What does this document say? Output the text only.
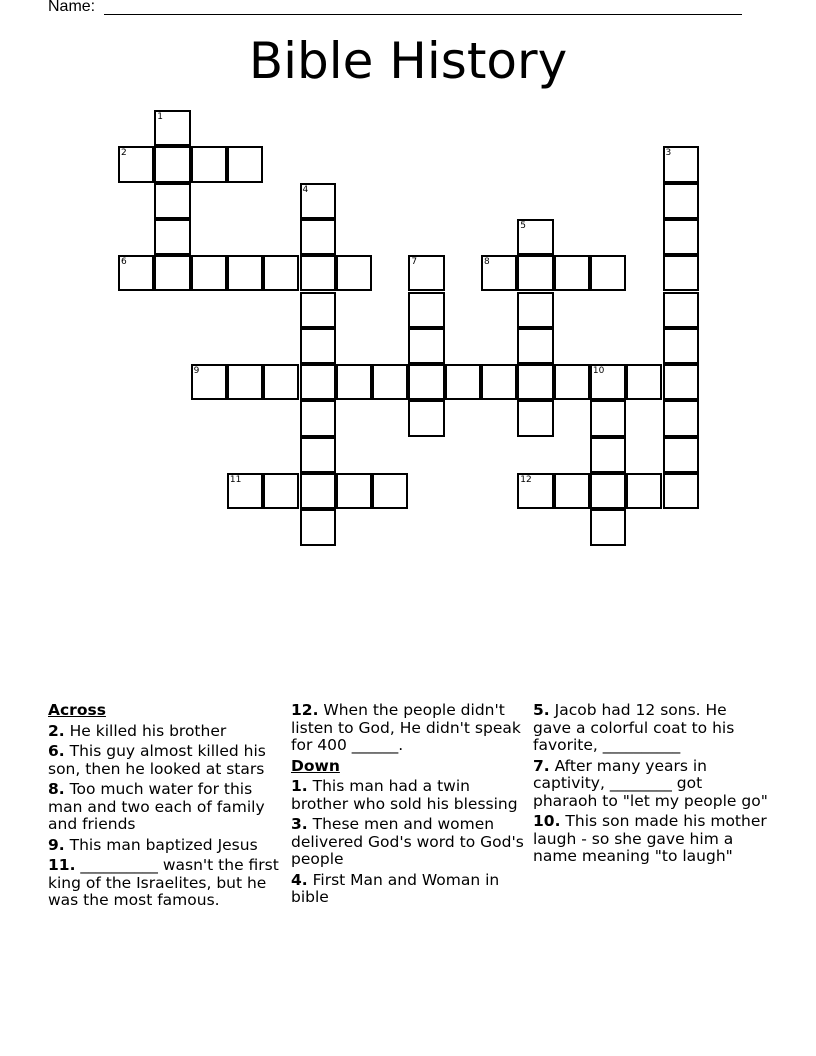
Name:
Bible History
1
2	3
4
5
6	7	8
9	10
11	12
Across
2. He killed his brother
6. This guy almost killed his son, then he looked at stars
8. Too much water for this man and two each of family and friends
9. This man baptized Jesus
11. __________ wasn't the first king of the Israelites, but he was the most famous.
12. When the people didn't listen to God, He didn't speak for 400 ______.
Down
1. This man had a twin brother who sold his blessing
3. These men and women delivered God's word to God's people
4. First Man and Woman in bible
5. Jacob had 12 sons. He gave a colorful coat to his favorite, __________
7. After many years in captivity, ________ got pharaoh to "let my people go"
10. This son made his mother laugh - so she gave him a name meaning "to laugh"
